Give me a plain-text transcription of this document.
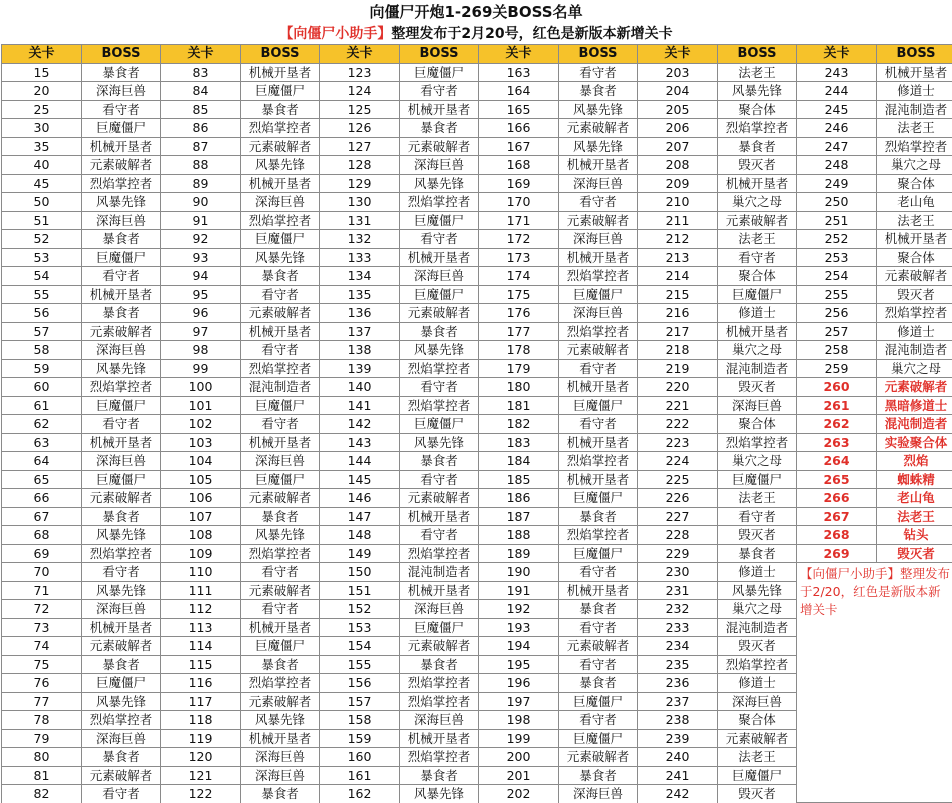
向僵尸开炮1-269关BOSS名单
【向僵尸小助手】整理发布于2月20号，红色是新版本新增关卡
关卡	BOSS	关卡	BOSS	关卡	BOSS	关卡	BOSS	关卡	BOSS	关卡	BOSS
15	暴食者	83	机械开垦者	123	巨魔僵尸	163	看守者	203	法老王	243	机械开垦者
20	深海巨兽	84	巨魔僵尸	124	看守者	164	暴食者	204	风暴先锋	244	修道士
25	看守者	85	暴食者	125	机械开垦者	165	风暴先锋	205	聚合体	245	混沌制造者
30	巨魔僵尸	86	烈焰掌控者	126	暴食者	166	元素破解者	206	烈焰掌控者	246	法老王
35	机械开垦者	87	元素破解者	127	元素破解者	167	风暴先锋	207	暴食者	247	烈焰掌控者
40	元素破解者	88	风暴先锋	128	深海巨兽	168	机械开垦者	208	毁灭者	248	巢穴之母
45	烈焰掌控者	89	机械开垦者	129	风暴先锋	169	深海巨兽	209	机械开垦者	249	聚合体
50	风暴先锋	90	深海巨兽	130	烈焰掌控者	170	看守者	210	巢穴之母	250	老山龟
51	深海巨兽	91	烈焰掌控者	131	巨魔僵尸	171	元素破解者	211	元素破解者	251	法老王
52	暴食者	92	巨魔僵尸	132	看守者	172	深海巨兽	212	法老王	252	机械开垦者
53	巨魔僵尸	93	风暴先锋	133	机械开垦者	173	机械开垦者	213	看守者	253	聚合体
54	看守者	94	暴食者	134	深海巨兽	174	烈焰掌控者	214	聚合体	254	元素破解者
55	机械开垦者	95	看守者	135	巨魔僵尸	175	巨魔僵尸	215	巨魔僵尸	255	毁灭者
56	暴食者	96	元素破解者	136	元素破解者	176	深海巨兽	216	修道士	256	烈焰掌控者
57	元素破解者	97	机械开垦者	137	暴食者	177	烈焰掌控者	217	机械开垦者	257	修道士
58	深海巨兽	98	看守者	138	风暴先锋	178	元素破解者	218	巢穴之母	258	混沌制造者
59	风暴先锋	99	烈焰掌控者	139	烈焰掌控者	179	看守者	219	混沌制造者	259	巢穴之母
60	烈焰掌控者	100	混沌制造者	140	看守者	180	机械开垦者	220	毁灭者	260	元素破解者
61	巨魔僵尸	101	巨魔僵尸	141	烈焰掌控者	181	巨魔僵尸	221	深海巨兽	261	黑暗修道士
62	看守者	102	看守者	142	巨魔僵尸	182	看守者	222	聚合体	262	混沌制造者
63	机械开垦者	103	机械开垦者	143	风暴先锋	183	机械开垦者	223	烈焰掌控者	263	实验聚合体
64	深海巨兽	104	深海巨兽	144	暴食者	184	烈焰掌控者	224	巢穴之母	264	烈焰
65	巨魔僵尸	105	巨魔僵尸	145	看守者	185	机械开垦者	225	巨魔僵尸	265	蜘蛛精
66	元素破解者	106	元素破解者	146	元素破解者	186	巨魔僵尸	226	法老王	266	老山龟
67	暴食者	107	暴食者	147	机械开垦者	187	暴食者	227	看守者	267	法老王
68	风暴先锋	108	风暴先锋	148	看守者	188	烈焰掌控者	228	毁灭者	268	钻头
69	烈焰掌控者	109	烈焰掌控者	149	烈焰掌控者	189	巨魔僵尸	229	暴食者	269	毁灭者
70	看守者	110	看守者	150	混沌制造者	190	看守者	230	修道士	【向僵尸小助手】整理发布于2/20，红色是新版本新增关卡	
71	风暴先锋	111	元素破解者	151	机械开垦者	191	机械开垦者	231	风暴先锋		
72	深海巨兽	112	看守者	152	深海巨兽	192	暴食者	232	巢穴之母		
73	机械开垦者	113	机械开垦者	153	巨魔僵尸	193	看守者	233	混沌制造者		
74	元素破解者	114	巨魔僵尸	154	元素破解者	194	元素破解者	234	毁灭者		
75	暴食者	115	暴食者	155	暴食者	195	看守者	235	烈焰掌控者		
76	巨魔僵尸	116	烈焰掌控者	156	烈焰掌控者	196	暴食者	236	修道士		
77	风暴先锋	117	元素破解者	157	烈焰掌控者	197	巨魔僵尸	237	深海巨兽		
78	烈焰掌控者	118	风暴先锋	158	深海巨兽	198	看守者	238	聚合体		
79	深海巨兽	119	机械开垦者	159	机械开垦者	199	巨魔僵尸	239	元素破解者		
80	暴食者	120	深海巨兽	160	烈焰掌控者	200	元素破解者	240	法老王		
81	元素破解者	121	深海巨兽	161	暴食者	201	暴食者	241	巨魔僵尸		
82	看守者	122	暴食者	162	风暴先锋	202	深海巨兽	242	毁灭者		
